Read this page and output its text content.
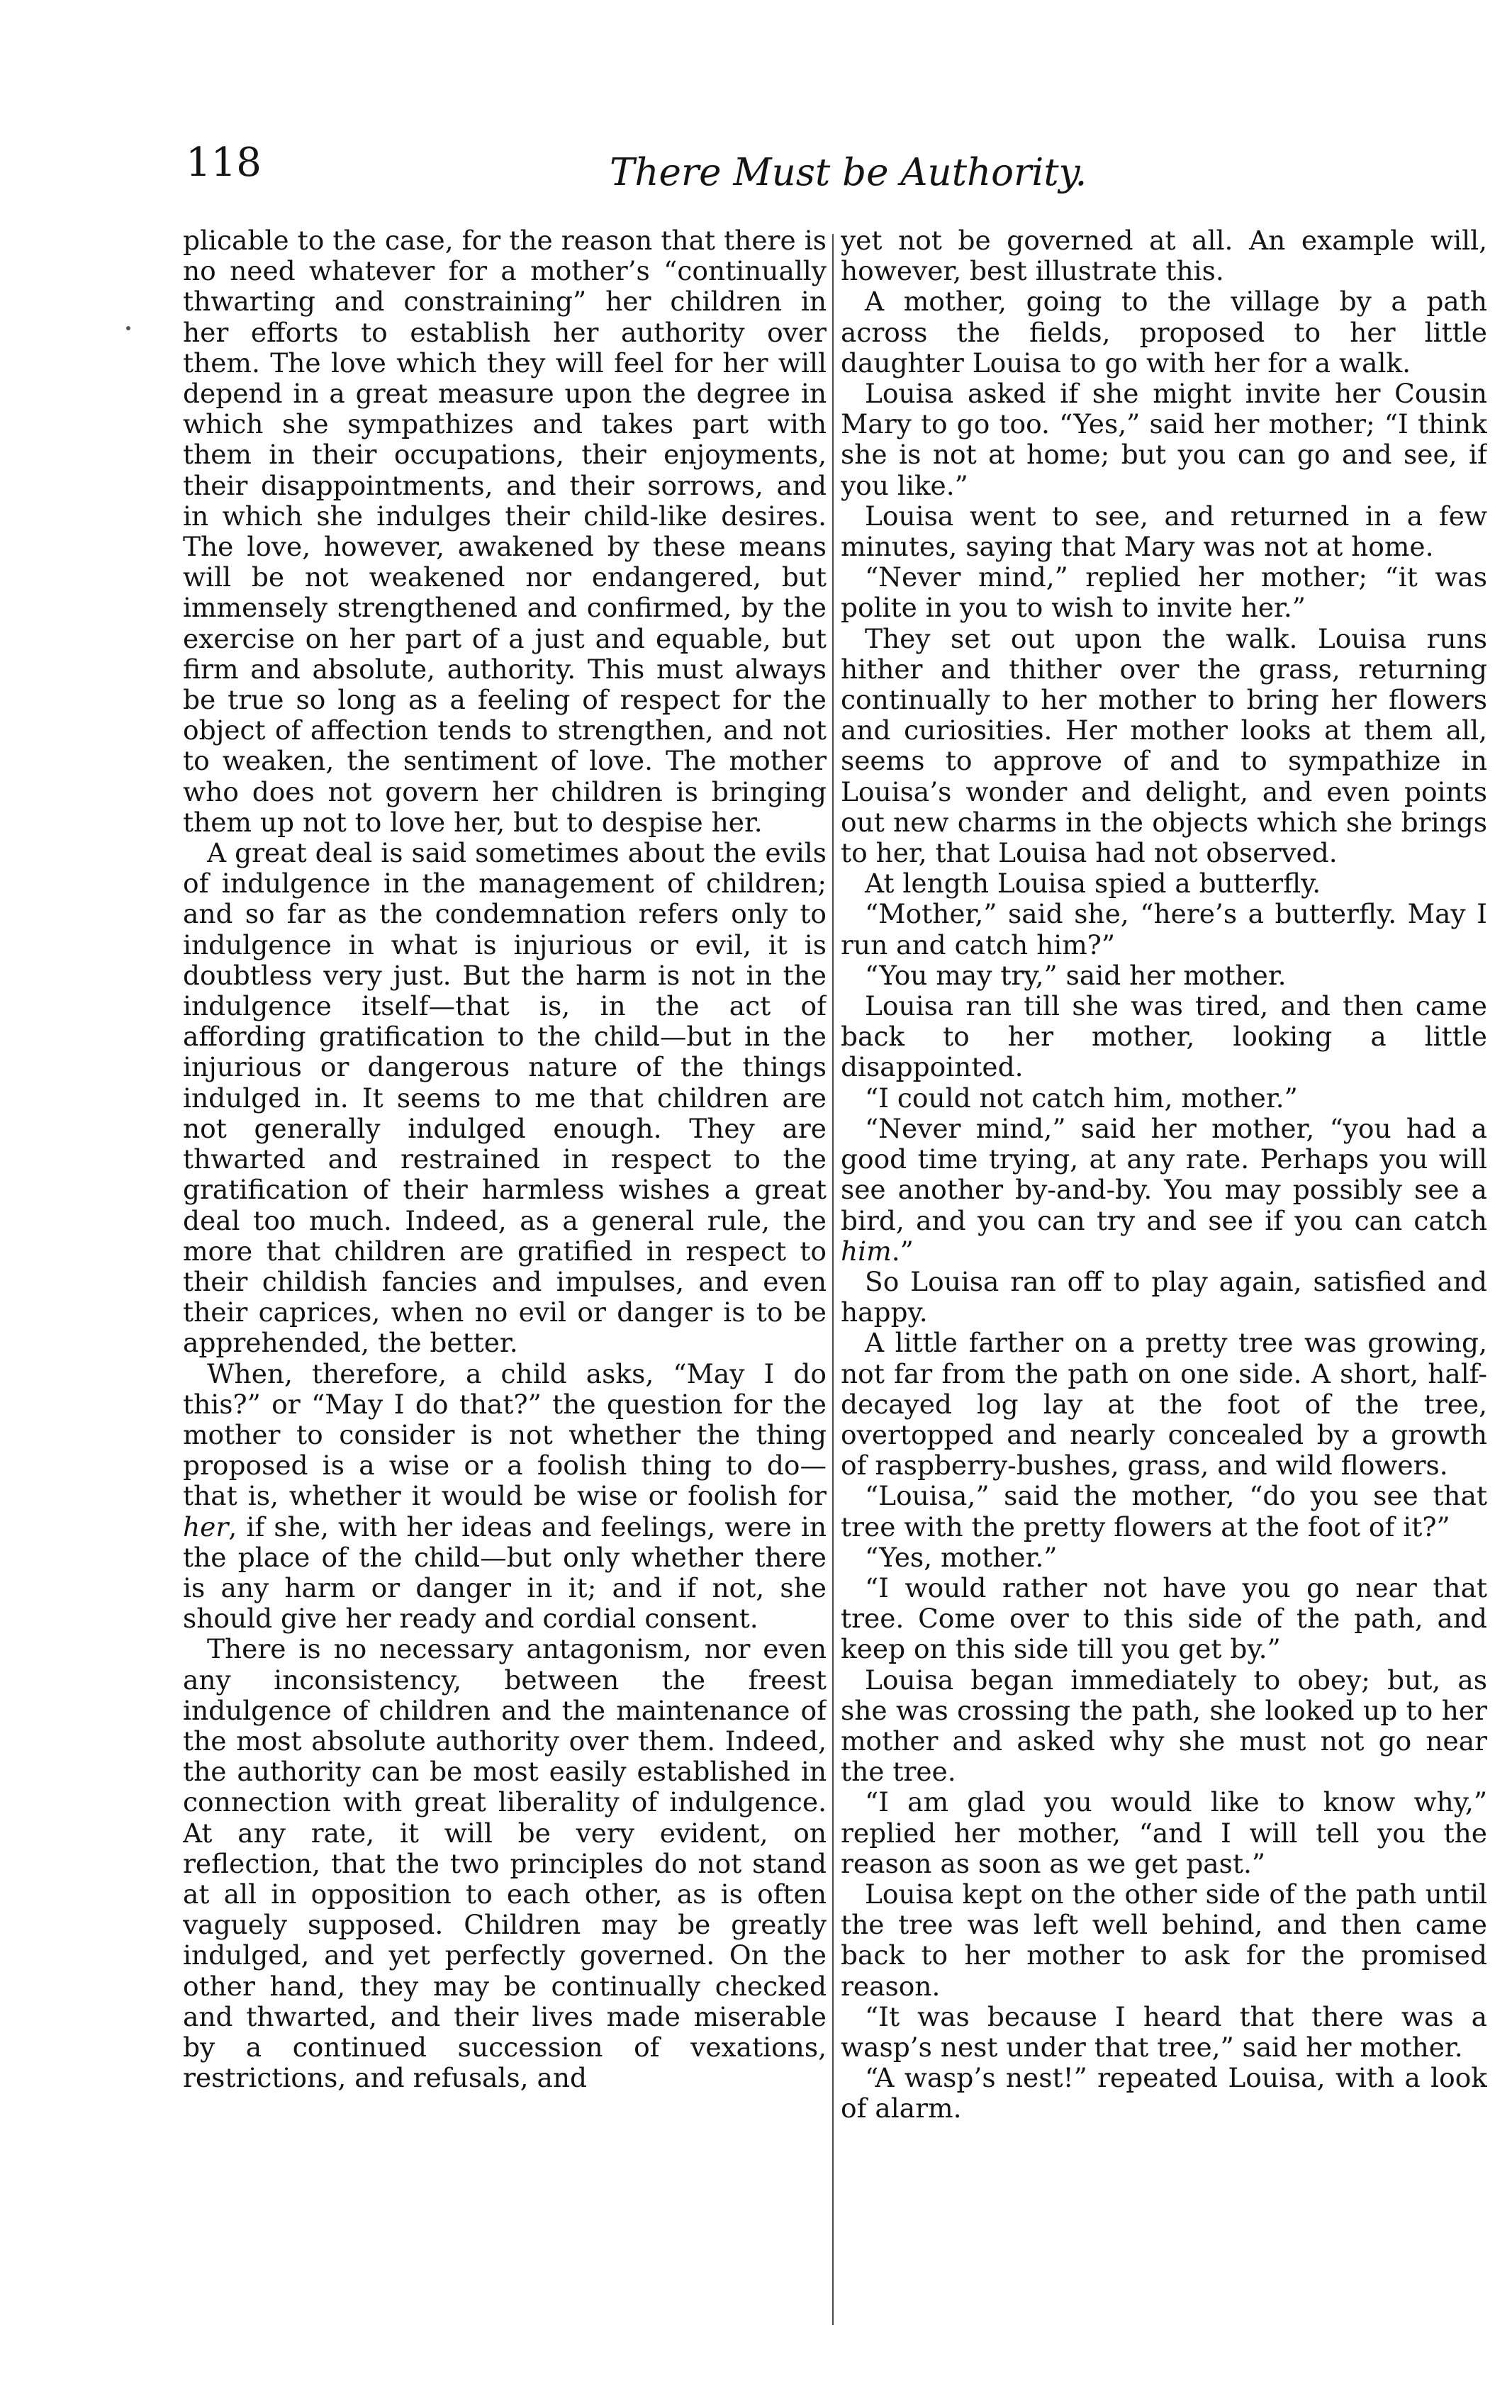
118	There Must be Authority.

plicable to the case, for the reason that there is no need whatever for a mother’s “continually thwarting and constraining” her children in her efforts to establish her authority over them. The love which they will feel for her will depend in a great measure upon the degree in which she sympathizes and takes part with them in their occupations, their enjoyments, their disappointments, and their sorrows, and in which she indulges their child-like desires. The love, however, awakened by these means will be not weakened nor endangered, but immensely strengthened and confirmed, by the exercise on her part of a just and equable, but firm and absolute, authority. This must always be true so long as a feeling of respect for the object of affection tends to strengthen, and not to weaken, the sentiment of love. The mother who does not govern her children is bringing them up not to love her, but to despise her.

A great deal is said sometimes about the evils of indulgence in the management of children; and so far as the condemnation refers only to indulgence in what is injurious or evil, it is doubtless very just. But the harm is not in the indulgence itself—that is, in the act of affording gratification to the child—but in the injurious or dangerous nature of the things indulged in. It seems to me that children are not generally indulged enough. They are thwarted and restrained in respect to the gratification of their harmless wishes a great deal too much. Indeed, as a general rule, the more that children are gratified in respect to their childish fancies and impulses, and even their caprices, when no evil or danger is to be apprehended, the better.

When, therefore, a child asks, “May I do this?” or “May I do that?” the question for the mother to consider is not whether the thing proposed is a wise or a foolish thing to do—that is, whether it would be wise or foolish for her, if she, with her ideas and feelings, were in the place of the child—but only whether there is any harm or danger in it; and if not, she should give her ready and cordial consent.

There is no necessary antagonism, nor even any inconsistency, between the freest indulgence of children and the maintenance of the most absolute authority over them. Indeed, the authority can be most easily established in connection with great liberality of indulgence. At any rate, it will be very evident, on reflection, that the two principles do not stand at all in opposition to each other, as is often vaguely supposed. Children may be greatly indulged, and yet perfectly governed. On the other hand, they may be continually checked and thwarted, and their lives made miserable by a continued succession of vexations, restrictions, and refusals, and

yet not be governed at all. An example will, however, best illustrate this.

A mother, going to the village by a path across the fields, proposed to her little daughter Louisa to go with her for a walk.

Louisa asked if she might invite her Cousin Mary to go too. “Yes,” said her mother; “I think she is not at home; but you can go and see, if you like.”

Louisa went to see, and returned in a few minutes, saying that Mary was not at home.

“Never mind,” replied her mother; “it was polite in you to wish to invite her.”

They set out upon the walk. Louisa runs hither and thither over the grass, returning continually to her mother to bring her flowers and curiosities. Her mother looks at them all, seems to approve of and to sympathize in Louisa’s wonder and delight, and even points out new charms in the objects which she brings to her, that Louisa had not observed.

At length Louisa spied a butterfly.

“Mother,” said she, “here’s a butterfly. May I run and catch him?”

“You may try,” said her mother.

Louisa ran till she was tired, and then came back to her mother, looking a little disappointed.

“I could not catch him, mother.”

“Never mind,” said her mother, “you had a good time trying, at any rate. Perhaps you will see another by-and-by. You may possibly see a bird, and you can try and see if you can catch him.”

So Louisa ran off to play again, satisfied and happy.

A little farther on a pretty tree was growing, not far from the path on one side. A short, half-decayed log lay at the foot of the tree, overtopped and nearly concealed by a growth of raspberry-bushes, grass, and wild flowers.

“Louisa,” said the mother, “do you see that tree with the pretty flowers at the foot of it?”

“Yes, mother.”

“I would rather not have you go near that tree. Come over to this side of the path, and keep on this side till you get by.”

Louisa began immediately to obey; but, as she was crossing the path, she looked up to her mother and asked why she must not go near the tree.

“I am glad you would like to know why,” replied her mother, “and I will tell you the reason as soon as we get past.”

Louisa kept on the other side of the path until the tree was left well behind, and then came back to her mother to ask for the promised reason.

“It was because I heard that there was a wasp’s nest under that tree,” said her mother.

“A wasp’s nest!” repeated Louisa, with a look of alarm.
